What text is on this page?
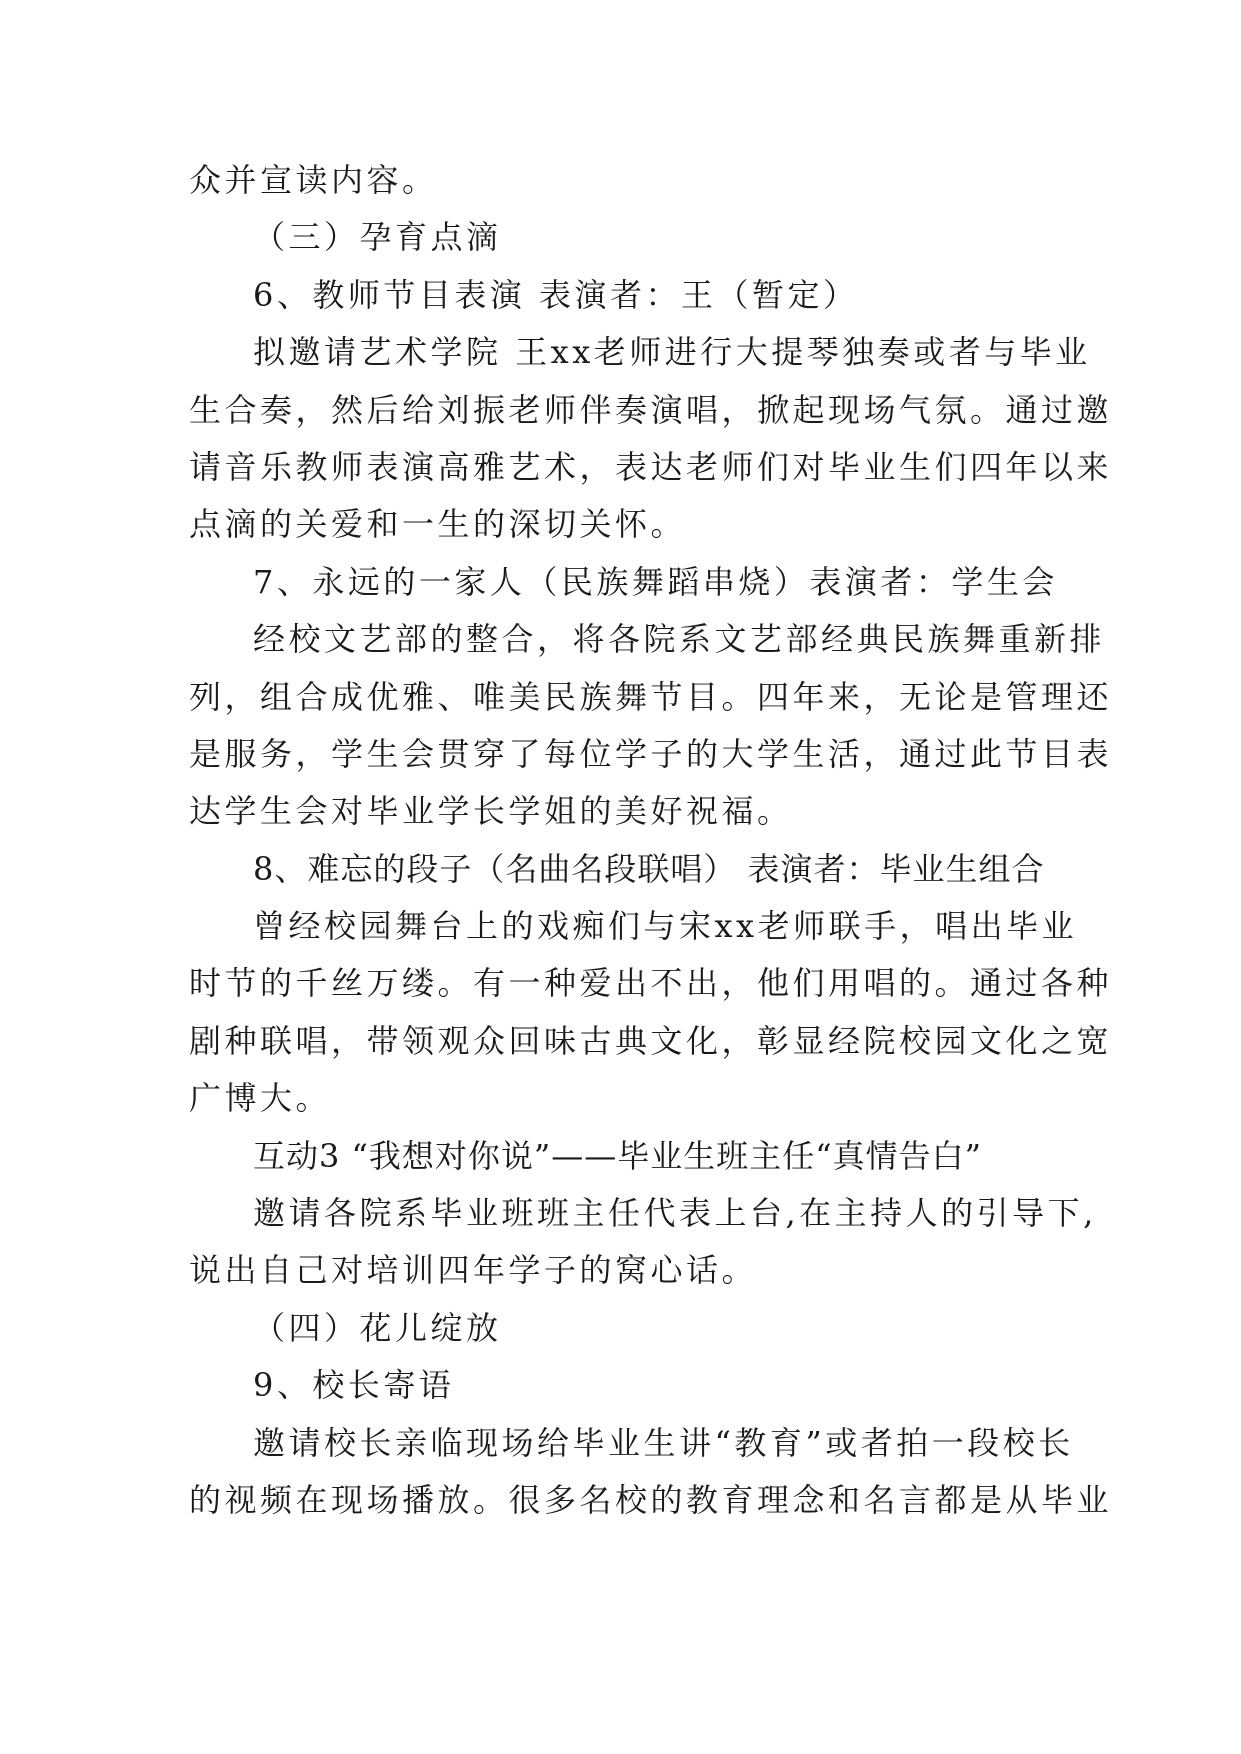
众并宣读内容。
（三）孕育点滴
6、教师节目表演 表演者：王（暂定）
拟邀请艺术学院 王xx老师进行大提琴独奏或者与毕业
生合奏，然后给刘振老师伴奏演唱，掀起现场气氛。通过邀
请音乐教师表演高雅艺术，表达老师们对毕业生们四年以来
点滴的关爱和一生的深切关怀。
7、永远的一家人（民族舞蹈串烧）表演者：学生会
经校文艺部的整合，将各院系文艺部经典民族舞重新排
列，组合成优雅、唯美民族舞节目。四年来，无论是管理还
是服务，学生会贯穿了每位学子的大学生活，通过此节目表
达学生会对毕业学长学姐的美好祝福。
8、难忘的段子（名曲名段联唱） 表演者：毕业生组合
曾经校园舞台上的戏痴们与宋xx老师联手，唱出毕业
时节的千丝万缕。有一种爱出不出，他们用唱的。通过各种
剧种联唱，带领观众回味古典文化，彰显经院校园文化之宽
广博大。
互动3 “我想对你说”——毕业生班主任“真情告白”
邀请各院系毕业班班主任代表上台,在主持人的引导下,
说出自己对培训四年学子的窝心话。
（四）花儿绽放
9、校长寄语
邀请校长亲临现场给毕业生讲“教育”或者拍一段校长
的视频在现场播放。很多名校的教育理念和名言都是从毕业
